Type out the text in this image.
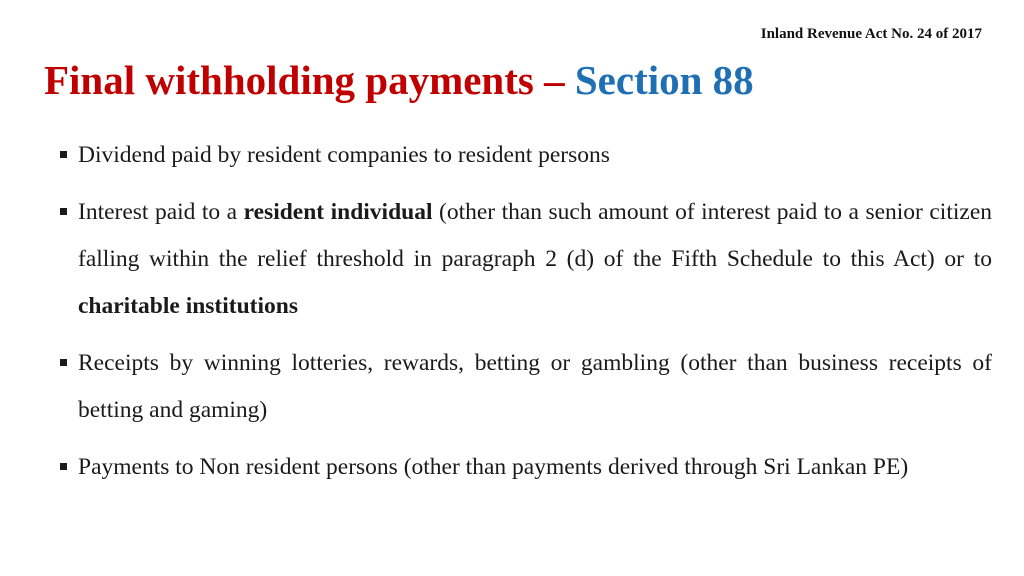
Inland Revenue Act No. 24 of 2017
Final withholding payments – Section 88
Dividend paid by resident companies to resident persons
Interest paid to a resident individual (other than such amount of interest paid to a senior citizen falling within the relief threshold in paragraph 2 (d) of the Fifth Schedule to this Act) or to charitable institutions
Receipts by winning lotteries, rewards, betting or gambling (other than business receipts of betting and gaming)
Payments to Non resident persons (other than payments derived through Sri Lankan PE)
